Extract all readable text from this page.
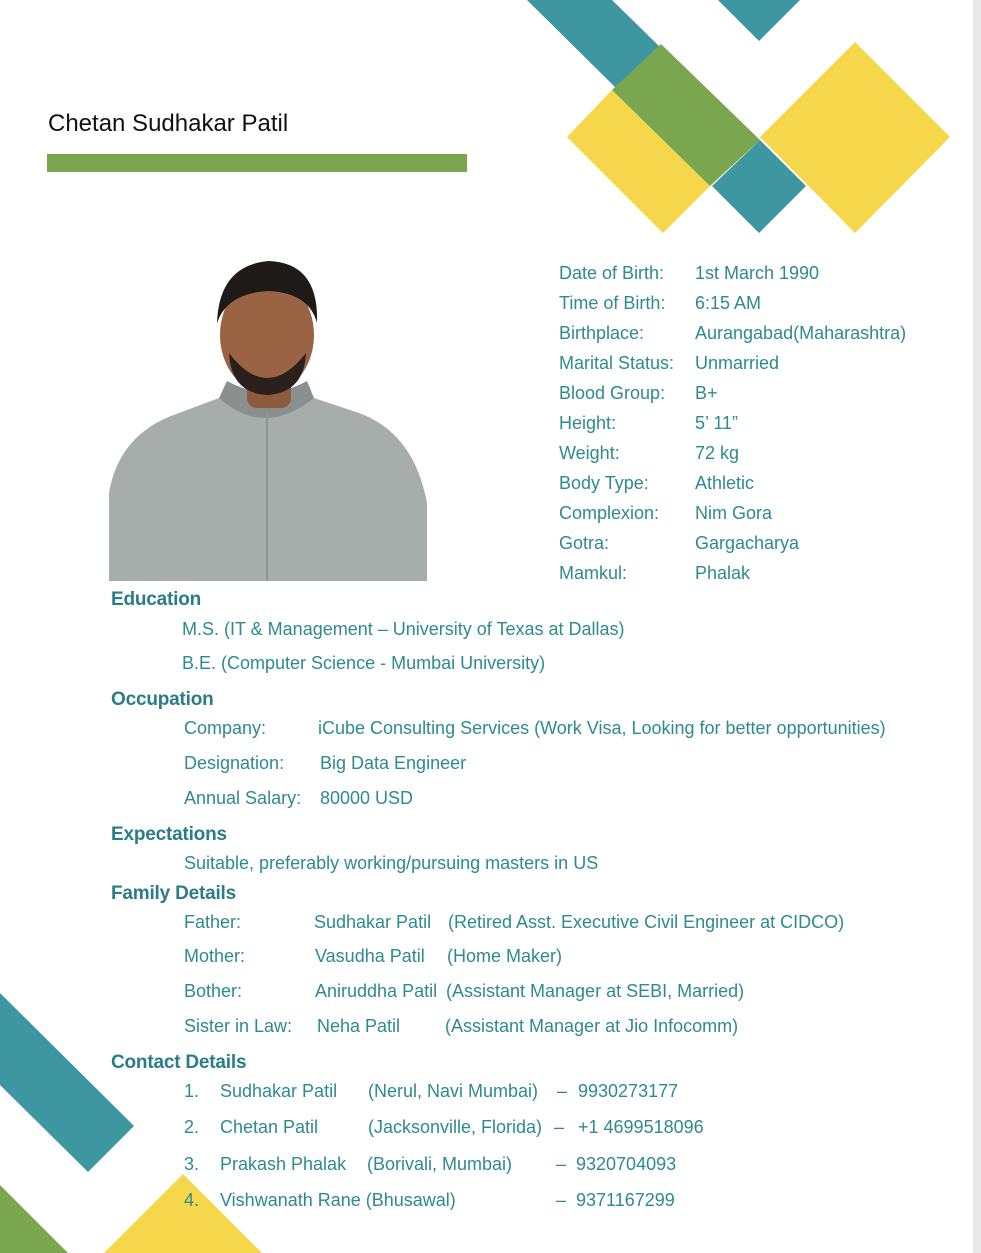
Chetan Sudhakar Patil
Date of Birth:	1st March 1990
Time of Birth:	6:15 AM
Birthplace:	Aurangabad(Maharashtra)
Marital Status:	Unmarried
Blood Group:	B+
Height:	5’ 11”
Weight:	72 kg
Body Type:	Athletic
Complexion:	Nim Gora
Gotra:	Gargacharya
Mamkul:	Phalak
Education
M.S. (IT & Management – University of Texas at Dallas)
B.E. (Computer Science - Mumbai University)
Occupation
Company:	iCube Consulting Services (Work Visa, Looking for better opportunities)
Designation:	Big Data Engineer
Annual Salary:	80000 USD
Expectations
Suitable, preferably working/pursuing masters in US
Family Details
Father:	Sudhakar Patil (Retired Asst. Executive Civil Engineer at CIDCO)
Mother:	Vasudha Patil	(Home Maker)
Bother:	Aniruddha Patil (Assistant Manager at SEBI, Married)
Sister in Law:	Neha Patil	(Assistant Manager at Jio Infocomm)
Contact Details
1. Sudhakar Patil (Nerul, Navi Mumbai) – 9930273177
2. Chetan Patil	(Jacksonville, Florida) – +1 4699518096
3. Prakash Phalak (Borivali, Mumbai) – 9320704093
4. Vishwanath Rane (Bhusawal)	– 9371167299
